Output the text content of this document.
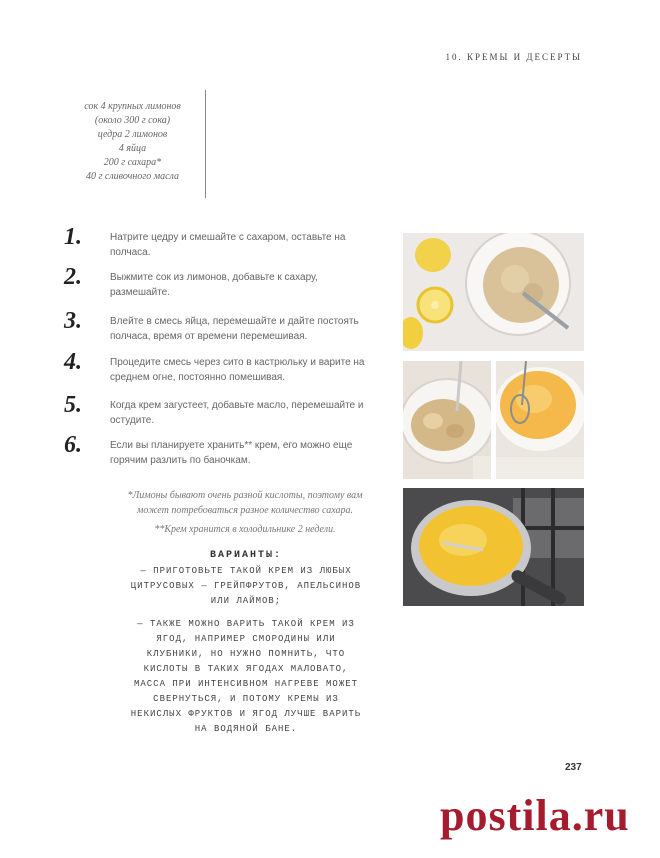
10. КРЕМЫ И ДЕСЕРТЫ
сок 4 крупных лимонов
(около 300 г сока)
цедра 2 лимонов
4 яйца
200 г сахара*
40 г сливочного масла
1.	Натрите цедру и смешайте с сахаром, оставьте на полчаса.
2.	Выжмите сок из лимонов, добавьте к сахару, размешайте.
3.	Влейте в смесь яйца, перемешайте и дайте постоять полчаса, время от времени перемешивая.
4.	Процедите смесь через сито в кастрюльку и варите на среднем огне, постоянно помешивая.
5.	Когда крем загустеет, добавьте масло, перемешайте и остудите.
6.	Если вы планируете хранить** крем, его можно еще горячим разлить по баночкам.
*Лимоны бывают очень разной кислоты, поэтому вам может потребоваться разное количество сахара.
**Крем хранится в холодильнике 2 недели.
ВАРИАНТЫ:
— ПРИГОТОВЬТЕ ТАКОЙ КРЕМ ИЗ ЛЮБЫХ ЦИТРУСОВЫХ — ГРЕЙПФРУТОВ, АПЕЛЬСИНОВ ИЛИ ЛАЙМОВ;
— ТАКЖЕ МОЖНО ВАРИТЬ ТАКОЙ КРЕМ ИЗ ЯГОД, НАПРИМЕР СМОРОДИНЫ ИЛИ КЛУБНИКИ, НО НУЖНО ПОМНИТЬ, ЧТО КИСЛОТЫ В ТАКИХ ЯГОДАХ МАЛОВАТО, МАССА ПРИ ИНТЕНСИВНОМ НАГРЕВЕ МОЖЕТ СВЕРНУТЬСЯ, И ПОТОМУ КРЕМЫ ИЗ НЕКИСЛЫХ ФРУКТОВ И ЯГОД ЛУЧШЕ ВАРИТЬ НА ВОДЯНОЙ БАНЕ.
237
postila.ru
